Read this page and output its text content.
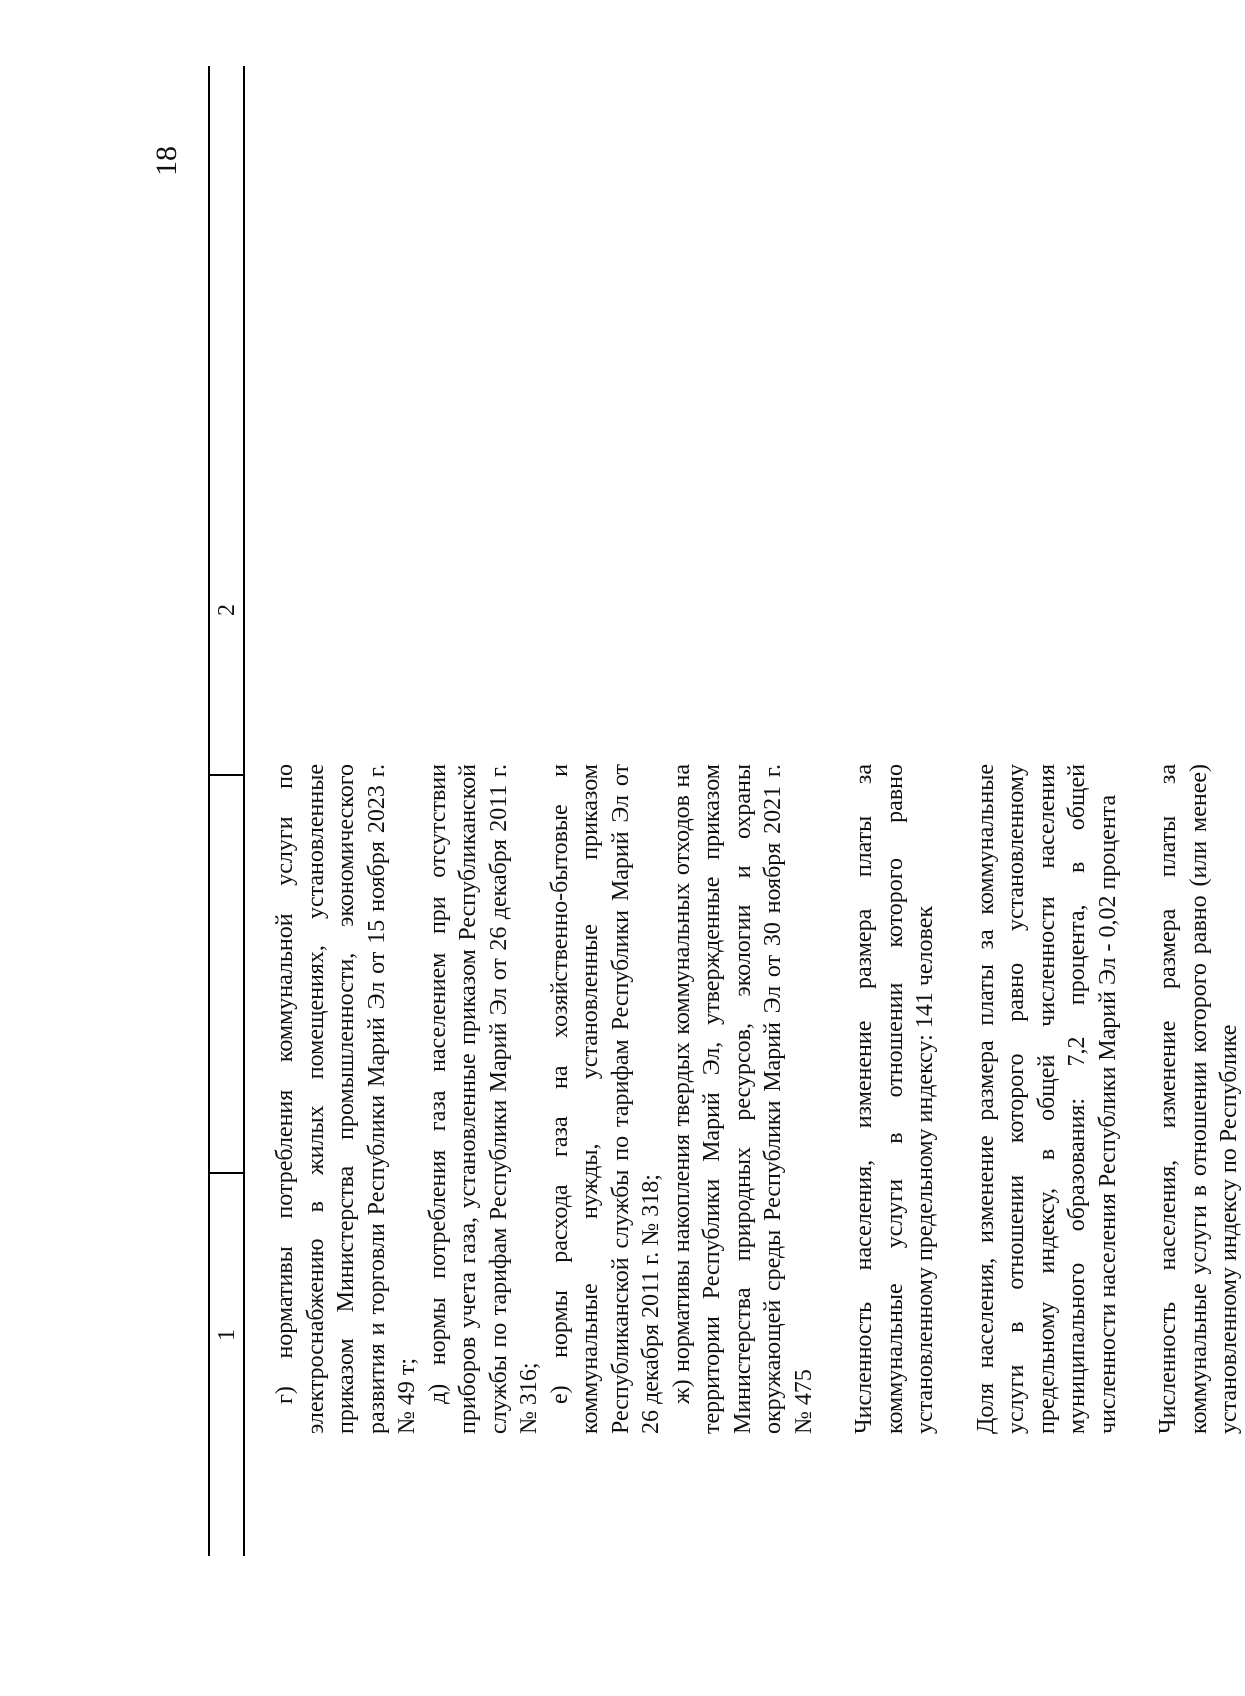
18
1
2

г) нормативы потребления коммунальной услуги по электроснабжению в жилых помещениях, установленные приказом Министерства промышленности, экономического развития и торговли Республики Марий Эл от 15 ноября 2023 г. № 49 т; д) нормы потребления газа населением при отсутствии приборов учета газа, установленные приказом Республиканской службы по тарифам Республики Марий Эл от 26 декабря 2011 г. № 316; е) нормы расхода газа на хозяйственно-бытовые и коммунальные нужды, установленные приказом Республиканской службы по тарифам Республики Марий Эл от 26 декабря 2011 г. № 318; ж) нормативы накопления твердых коммунальных отходов на территории Республики Марий Эл, утвержденные приказом Министерства природных ресурсов, экологии и охраны окружающей среды Республики Марий Эл от 30 ноября 2021 г. № 475 Численность населения, изменение размера платы за коммунальные услуги в отношении которого равно установленному предельному индексу: 141 человек Доля населения, изменение размера платы за коммунальные услуги в отношении которого равно установленному предельному индексу, в общей численности населения муниципального образования: 7,2 процента, в общей численности населения Республики Марий Эл - 0,02 процента Численность населения, изменение размера платы за коммунальные услуги в отношении которого равно (или менее) установленному индексу по Республике
